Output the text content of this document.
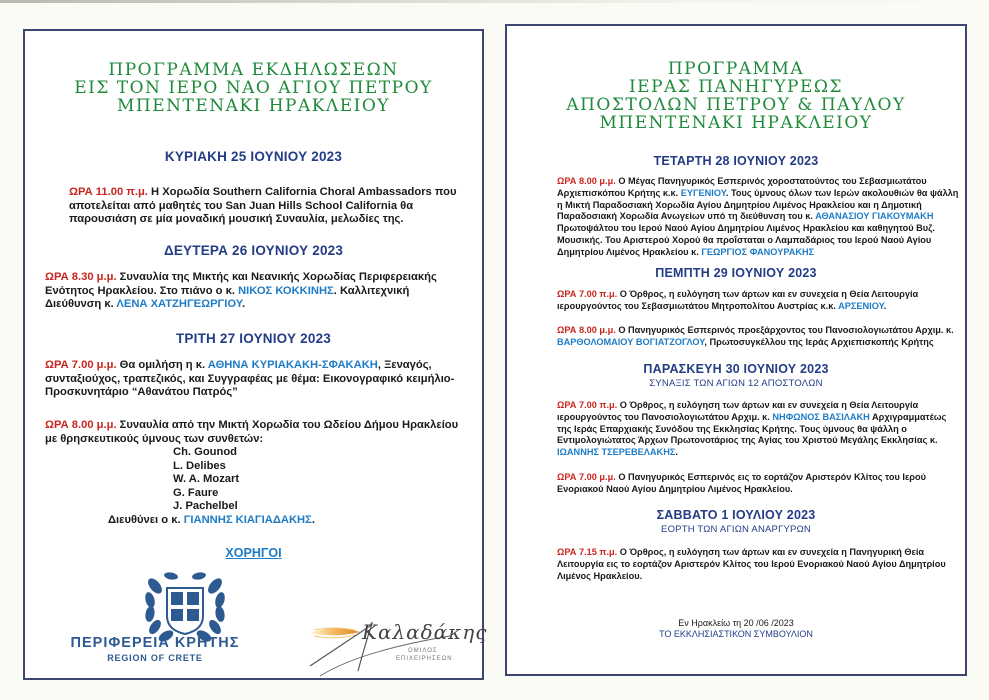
ΠΡΟΓΡΑΜΜΑ ΕΚΔΗΛΩΣΕΩΝ
ΕΙΣ ΤΟΝ ΙΕΡΟ ΝΑΟ ΑΓΙΟΥ ΠΕΤΡΟΥ
ΜΠΕΝΤΕΝΑΚΙ ΗΡΑΚΛΕΙΟΥ
ΚΥΡΙΑΚΗ 25 ΙΟΥΝΙΟΥ 2023
ΩΡΑ 11.00 π.μ. Η Χορωδία Southern California Choral Ambassadors που αποτελείται από μαθητές του San Juan Hills School California θα παρουσιάση σε μία μοναδική μουσική Συναυλία, μελωδίες της.
ΔΕΥΤΕΡΑ 26 ΙΟΥΝΙΟΥ 2023
ΩΡΑ 8.30 μ.μ. Συναυλία της Μικτής και Νεανικής Χορωδίας Περιφερειακής Ενότητος Ηρακλείου. Στο πιάνο ο κ. ΝΙΚΟΣ ΚΟΚΚΙΝΗΣ. Καλλιτεχνική Διεύθυνση κ. ΛΕΝΑ ΧΑΤΖΗΓΕΩΡΓΙΟΥ.
ΤΡΙΤΗ 27 ΙΟΥΝΙΟΥ 2023
ΩΡΑ 7.00 μ.μ. Θα ομιλήση η κ. ΑΘΗΝΑ ΚΥΡΙΑΚΑΚΗ-ΣΦΑΚΑΚΗ, Ξεναγός, συνταξιούχος, τραπεζικός, και Συγγραφέας με θέμα: Εικονογραφικό κειμήλιο-Προσκυνητάριο “Αθανάτου Πατρός”
ΩΡΑ 8.00 μ.μ. Συναυλία από την Μικτή Χορωδία του Ωδείου Δήμου Ηρακλείου με θρησκευτικούς ύμνους των συνθετών:
Ch. Gounod
L. Delibes
W. A. Mozart
G. Faure
J. Pachelbel
Διευθύνει ο κ. ΓΙΑΝΝΗΣ ΚΙΑΓΙΑΔΑΚΗΣ.
ΧΟΡΗΓΟΙ
ΠΕΡΙΦΕΡΕΙΑ ΚΡΗΤΗΣ
REGION OF CRETE
Καλαδάκης
ΟΜΙΛΟΣ
ΕΠΙΧΕΙΡΗΣΕΩΝ
ΠΡΟΓΡΑΜΜΑ
ΙΕΡΑΣ ΠΑΝΗΓΥΡΕΩΣ
ΑΠΟΣΤΟΛΩΝ ΠΕΤΡΟΥ & ΠΑΥΛΟΥ
ΜΠΕΝΤΕΝΑΚΙ ΗΡΑΚΛΕΙΟΥ
ΤΕΤΑΡΤΗ 28 ΙΟΥΝΙΟΥ 2023
ΩΡΑ 8.00 μ.μ. Ο Μέγας Πανηγυρικός Εσπερινός χοροστατούντος του Σεβασμιωτάτου Αρχιεπισκόπου Κρήτης κ.κ. ΕΥΓΕΝΙΟΥ. Τους ύμνους όλων των Ιερών ακολουθιών θα ψάλλη η Μικτή Παραδοσιακή Χορωδία Αγίου Δημητρίου Λιμένος Ηρακλείου και η Δημοτική Παραδοσιακή Χορωδία Ανωγείων υπό τη διεύθυνση του κ. ΑΘΑΝΑΣΙΟΥ ΓΙΑΚΟΥΜΑΚΗ Πρωτοψάλτου του Ιερού Ναού Αγίου Δημητρίου Λιμένος Ηρακλείου και καθηγητού Βυζ. Μουσικής. Του Αριστερού Χορού θα προΐσταται ο Λαμπαδάριος του Ιερού Ναού Αγίου Δημητρίου Λιμένος Ηρακλείου κ. ΓΕΩΡΓΙΟΣ ΦΑΝΟΥΡΑΚΗΣ
ΠΕΜΠΤΗ 29 ΙΟΥΝΙΟΥ 2023
ΩΡΑ 7.00 π.μ. Ο Όρθρος, η ευλόγηση των άρτων και εν συνεχεία η Θεία Λειτουργία ιερουργούντος του Σεβασμιωτάτου Μητροπολίτου Αυστρίας κ.κ. ΑΡΣΕΝΙΟΥ.
ΩΡΑ 8.00 μ.μ. Ο Πανηγυρικός Εσπερινός προεξάρχοντος του Πανοσιολογιωτάτου Αρχιμ. κ. ΒΑΡΘΟΛΟΜΑΙΟΥ ΒΟΓΙΑΤΖΟΓΛΟΥ, Πρωτοσυγκέλλου της Ιεράς Αρχιεπισκοπής Κρήτης
ΠΑΡΑΣΚΕΥΗ 30 ΙΟΥΝΙΟΥ 2023
ΣΥΝΑΞΙΣ ΤΩΝ ΑΓΙΩΝ 12 ΑΠΟΣΤΟΛΩΝ
ΩΡΑ 7.00 π.μ. Ο Όρθρος, η ευλόγηση των άρτων και εν συνεχεία η Θεία Λειτουργία ιερουργούντος του Πανοσιολογιωτάτου Αρχιμ. κ. ΝΗΦΩΝΟΣ ΒΑΣΙΛΑΚΗ Αρχιγραμματέως της Ιεράς Επαρχιακής Συνόδου της Εκκλησίας Κρήτης. Τους ύμνους θα ψάλλη ο Εντιμολογιώτατος Άρχων Πρωτονοτάριος της Αγίας του Χριστού Μεγάλης Εκκλησίας κ. ΙΩΑΝΝΗΣ ΤΣΕΡΕΒΕΛΑΚΗΣ.
ΩΡΑ 7.00 μ.μ. Ο Πανηγυρικός Εσπερινός εις το εορτάζον Αριστερόν Κλίτος του Ιερού Ενοριακού Ναού Αγίου Δημητρίου Λιμένος Ηρακλείου.
ΣΑΒΒΑΤΟ 1 ΙΟΥΛΙΟΥ 2023
ΕΟΡΤΗ ΤΩΝ ΑΓΙΩΝ ΑΝΑΡΓΥΡΩΝ
ΩΡΑ 7.15 π.μ. Ο Όρθρος, η ευλόγηση των άρτων και εν συνεχεία η Πανηγυρική Θεία Λειτουργία εις το εορτάζον Αριστερόν Κλίτος του Ιερού Ενοριακού Ναού Αγίου Δημητρίου Λιμένος Ηρακλείου.
Εν Ηρακλείω τη 20 /06 /2023
ΤΟ ΕΚΚΛΗΣΙΑΣΤΙΚΟΝ ΣΥΜΒΟΥΛΙΟΝ
